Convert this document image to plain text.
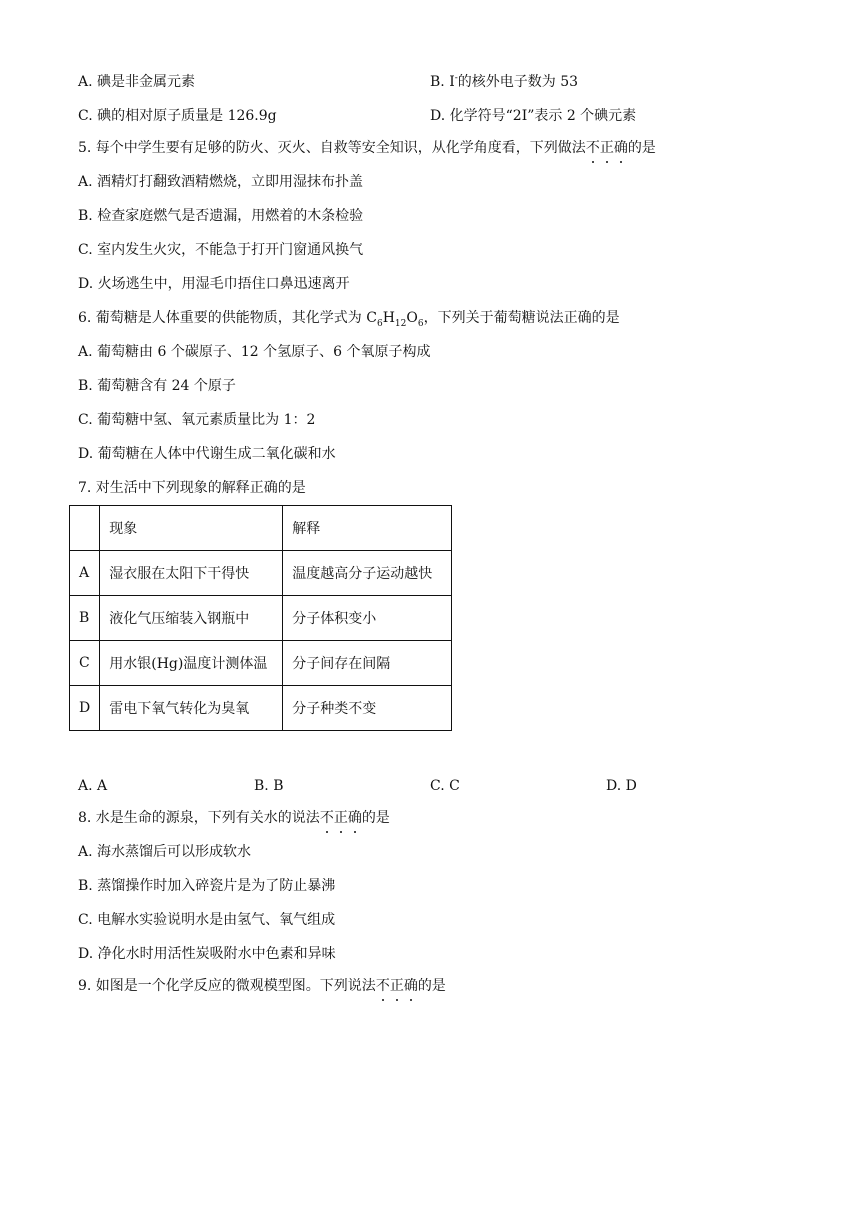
A. 碘是非金属元素	B. I-的核外电子数为 53
C. 碘的相对原子质量是 126.9g	D. 化学符号“2I”表示 2 个碘元素
5. 每个中学生要有足够的防火、灭火、自救等安全知识，从化学角度看，下列做法不正确的是
A. 酒精灯打翻致酒精燃烧，立即用湿抹布扑盖
B. 检查家庭燃气是否遗漏，用燃着的木条检验
C. 室内发生火灾，不能急于打开门窗通风换气
D. 火场逃生中，用湿毛巾捂住口鼻迅速离开
6. 葡萄糖是人体重要的供能物质，其化学式为 $C_6H_{12}O_6$，下列关于葡萄糖说法正确的是
A. 葡萄糖由 6 个碳原子、12 个氢原子、6 个氧原子构成
B. 葡萄糖含有 24 个原子
C. 葡萄糖中氢、氧元素质量比为 1：2
D. 葡萄糖在人体中代谢生成二氧化碳和水
7. 对生活中下列现象的解释正确的是
	现象	解释
A	湿衣服在太阳下干得快	温度越高分子运动越快
B	液化气压缩装入钢瓶中	分子体积变小
C	用水银(Hg)温度计测体温	分子间存在间隔
D	雷电下氧气转化为臭氧	分子种类不变
A. A	B. B	C. C	D. D
8. 水是生命的源泉，下列有关水的说法不正确的是
A. 海水蒸馏后可以形成软水
B. 蒸馏操作时加入碎瓷片是为了防止暴沸
C. 电解水实验说明水是由氢气、氧气组成
D. 净化水时用活性炭吸附水中色素和异味
9. 如图是一个化学反应的微观模型图。下列说法不正确的是
